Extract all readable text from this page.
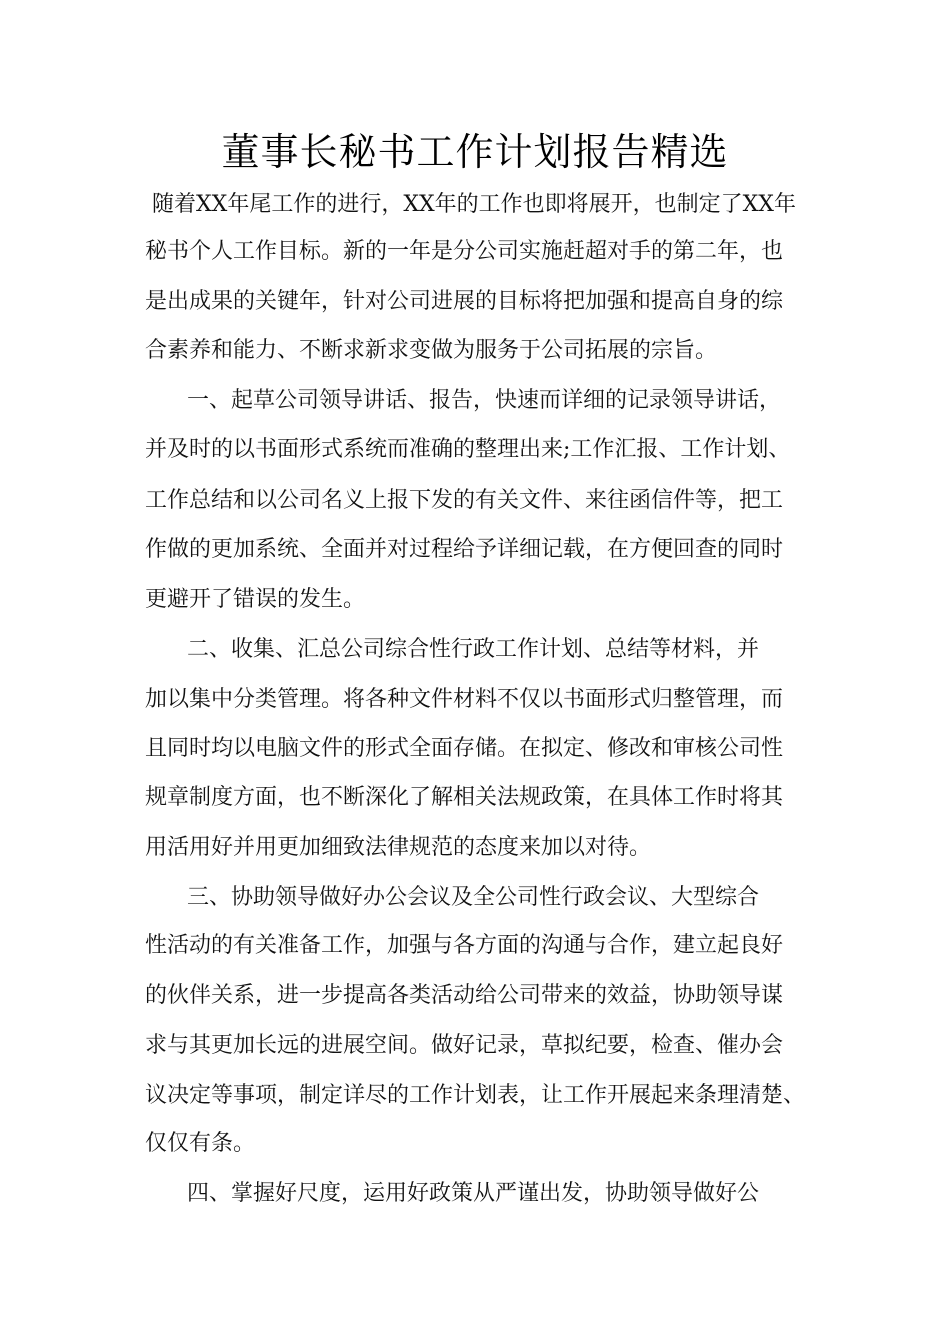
董事长秘书工作计划报告精选
随着XX年尾工作的进行，XX年的工作也即将展开，也制定了XX年
秘书个人工作目标。新的一年是分公司实施赶超对手的第二年，也
是出成果的关键年，针对公司进展的目标将把加强和提高自身的综
合素养和能力、不断求新求变做为服务于公司拓展的宗旨。
一、起草公司领导讲话、报告，快速而详细的记录领导讲话，
并及时的以书面形式系统而准确的整理出来;工作汇报、工作计划、
工作总结和以公司名义上报下发的有关文件、来往函信件等，把工
作做的更加系统、全面并对过程给予详细记载，在方便回查的同时
更避开了错误的发生。
二、收集、汇总公司综合性行政工作计划、总结等材料，并
加以集中分类管理。将各种文件材料不仅以书面形式归整管理，而
且同时均以电脑文件的形式全面存储。在拟定、修改和审核公司性
规章制度方面，也不断深化了解相关法规政策，在具体工作时将其
用活用好并用更加细致法律规范的态度来加以对待。
三、协助领导做好办公会议及全公司性行政会议、大型综合
性活动的有关准备工作，加强与各方面的沟通与合作，建立起良好
的伙伴关系，进一步提高各类活动给公司带来的效益，协助领导谋
求与其更加长远的进展空间。做好记录，草拟纪要，检查、催办会
议决定等事项，制定详尽的工作计划表，让工作开展起来条理清楚、
仅仅有条。
四、掌握好尺度，运用好政策从严谨出发，协助领导做好公
